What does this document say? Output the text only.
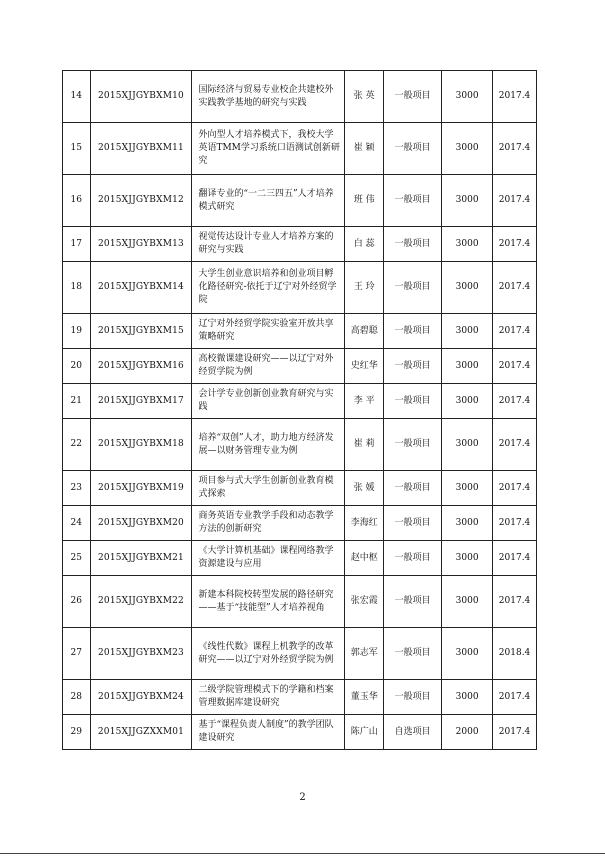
14	2015XJJGYBXM10	国际经济与贸易专业校企共建校外实践教学基地的研究与实践	张 英	一般项目	3000	2017.4
15	2015XJJGYBXM11	外向型人才培养模式下，我校大学英语TMM学习系统口语测试创新研究	崔 颖	一般项目	3000	2017.4
16	2015XJJGYBXM12	翻译专业的“一二三四五”人才培养模式研究	班 伟	一般项目	3000	2017.4
17	2015XJJGYBXM13	视觉传达设计专业人才培养方案的研究与实践	白 蕊	一般项目	3000	2017.4
18	2015XJJGYBXM14	大学生创业意识培养和创业项目孵化路径研究-依托于辽宁对外经贸学院	王 玲	一般项目	3000	2017.4
19	2015XJJGYBXM15	辽宁对外经贸学院实验室开放共享策略研究	高碧聪	一般项目	3000	2017.4
20	2015XJJGYBXM16	高校微课建设研究——以辽宁对外经贸学院为例	史红华	一般项目	3000	2017.4
21	2015XJJGYBXM17	会计学专业创新创业教育研究与实践	李 平	一般项目	3000	2017.4
22	2015XJJGYBXM18	培养“双创”人才，助力地方经济发展—以财务管理专业为例	崔 莉	一般项目	3000	2017.4
23	2015XJJGYBXM19	项目参与式大学生创新创业教育模式探索	张 媛	一般项目	3000	2017.4
24	2015XJJGYBXM20	商务英语专业教学手段和动态教学方法的创新研究	李海红	一般项目	3000	2017.4
25	2015XJJGYBXM21	《大学计算机基础》课程网络教学资源建设与应用	赵中枢	一般项目	3000	2017.4
26	2015XJJGYBXM22	新建本科院校转型发展的路径研究——基于“技能型”人才培养视角	张宏霞	一般项目	3000	2017.4
27	2015XJJGYBXM23	《线性代数》课程上机教学的改革研究——以辽宁对外经贸学院为例	郭志军	一般项目	3000	2018.4
28	2015XJJGYBXM24	二级学院管理模式下的学籍和档案管理数据库建设研究	董玉华	一般项目	3000	2017.4
29	2015XJJGZXXM01	基于“课程负责人制度”的教学团队建设研究	陈广山	自选项目	2000	2017.4
2
